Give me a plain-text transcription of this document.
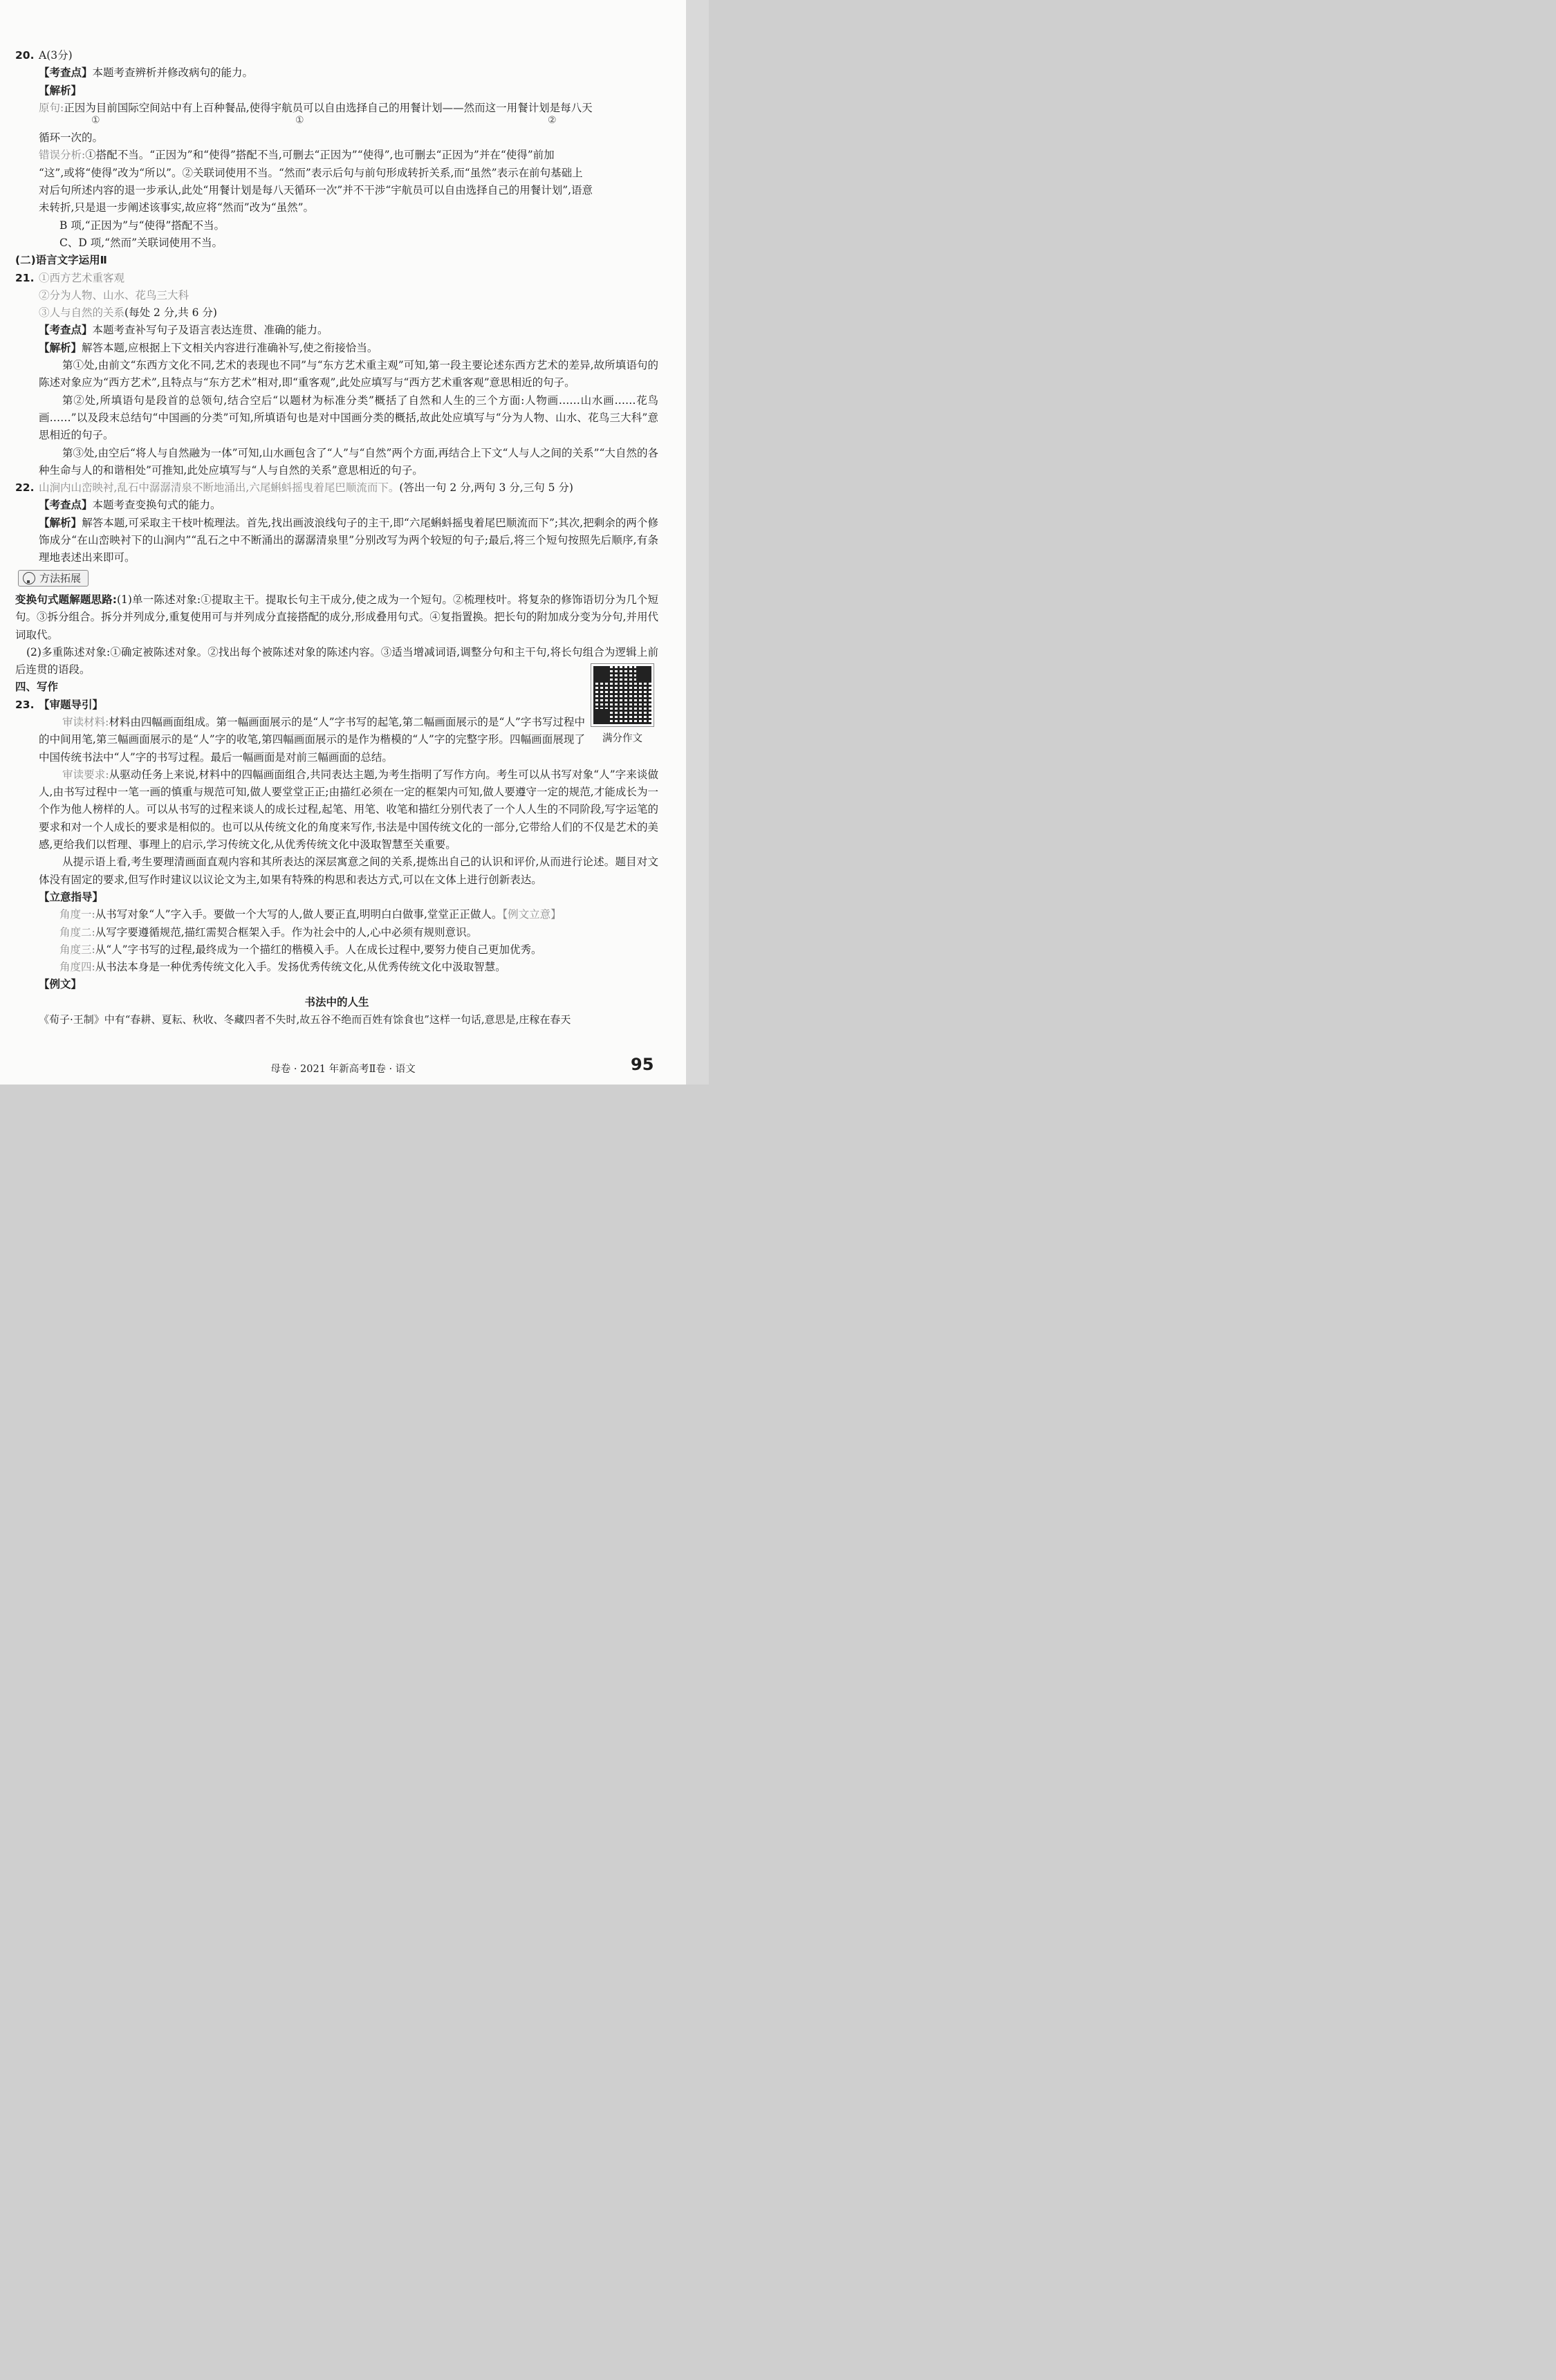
20. A(3分)
【考查点】本题考查辨析并修改病句的能力。
【解析】
原句:正因为目前国际空间站中有上百种餐品,使得宇航员可以自由选择自己的用餐计划——然而这一用餐计划是每八天
①	①	②
循环一次的。
错误分析:①搭配不当。“正因为”和“使得”搭配不当,可删去“正因为”“使得”,也可删去“正因为”并在“使得”前加
“这”,或将“使得”改为“所以”。②关联词使用不当。“然而”表示后句与前句形成转折关系,而“虽然”表示在前句基础上
对后句所述内容的退一步承认,此处“用餐计划是每八天循环一次”并不干涉“宇航员可以自由选择自己的用餐计划”,语意
未转折,只是退一步阐述该事实,故应将“然而”改为“虽然”。
B 项,“正因为”与“使得”搭配不当。
C、D 项,“然而”关联词使用不当。
(二)语言文字运用Ⅱ
21. ①西方艺术重客观
②分为人物、山水、花鸟三大科
③人与自然的关系(每处 2 分,共 6 分)
【考查点】本题考查补写句子及语言表达连贯、准确的能力。
【解析】解答本题,应根据上下文相关内容进行准确补写,使之衔接恰当。
第①处,由前文“东西方文化不同,艺术的表现也不同”与“东方艺术重主观”可知,第一段主要论述东西方艺术的差异,故所填语句的陈述对象应为“西方艺术”,且特点与“东方艺术”相对,即“重客观”,此处应填写与“西方艺术重客观”意思相近的句子。
第②处,所填语句是段首的总领句,结合空后“以题材为标准分类”概括了自然和人生的三个方面:人物画……山水画……花鸟画……”以及段末总结句“中国画的分类”可知,所填语句也是对中国画分类的概括,故此处应填写与“分为人物、山水、花鸟三大科”意思相近的句子。
第③处,由空后“将人与自然融为一体”可知,山水画包含了“人”与“自然”两个方面,再结合上下文“人与人之间的关系”“大自然的各种生命与人的和谐相处”可推知,此处应填写与“人与自然的关系”意思相近的句子。
22. 山涧内山峦映衬,乱石中潺潺清泉不断地涌出,六尾蝌蚪摇曳着尾巴顺流而下。(答出一句 2 分,两句 3 分,三句 5 分)
【考查点】本题考查变换句式的能力。
【解析】解答本题,可采取主干枝叶梳理法。首先,找出画波浪线句子的主干,即“六尾蝌蚪摇曳着尾巴顺流而下”;其次,把剩余的两个修饰成分“在山峦映衬下的山涧内”“乱石之中不断涌出的潺潺清泉里”分别改写为两个较短的句子;最后,将三个短句按照先后顺序,有条理地表述出来即可。
方法拓展
变换句式题解题思路:(1)单一陈述对象:①提取主干。提取长句主干成分,使之成为一个短句。②梳理枝叶。将复杂的修饰语切分为几个短句。③拆分组合。拆分并列成分,重复使用可与并列成分直接搭配的成分,形成叠用句式。④复指置换。把长句的附加成分变为分句,并用代词取代。
(2)多重陈述对象:①确定被陈述对象。②找出每个被陈述对象的陈述内容。③适当增减词语,调整分句和主干句,将长句组合为逻辑上前后连贯的语段。
四、写作
23. 【审题导引】
审读材料:材料由四幅画面组成。第一幅画面展示的是“人”字书写的起笔,第二幅画面展示的是“人”字书写过程中的中间用笔,第三幅画面展示的是“人”字的收笔,第四幅画面展示的是作为楷模的“人”字的完整字形。四幅画面展现了中国传统书法中“人”字的书写过程。最后一幅画面是对前三幅画面的总结。
审读要求:从驱动任务上来说,材料中的四幅画面组合,共同表达主题,为考生指明了写作方向。考生可以从书写对象“人”字来谈做人,由书写过程中一笔一画的慎重与规范可知,做人要堂堂正正;由描红必须在一定的框架内可知,做人要遵守一定的规范,才能成长为一个作为他人榜样的人。可以从书写的过程来谈人的成长过程,起笔、用笔、收笔和描红分别代表了一个人人生的不同阶段,写字运笔的要求和对一个人成长的要求是相似的。也可以从传统文化的角度来写作,书法是中国传统文化的一部分,它带给人们的不仅是艺术的美感,更给我们以哲理、事理上的启示,学习传统文化,从优秀传统文化中汲取智慧至关重要。
从提示语上看,考生要理清画面直观内容和其所表达的深层寓意之间的关系,提炼出自己的认识和评价,从而进行论述。题目对文体没有固定的要求,但写作时建议以议论文为主,如果有特殊的构思和表达方式,可以在文体上进行创新表达。
【立意指导】
角度一:从书写对象“人”字入手。要做一个大写的人,做人要正直,明明白白做事,堂堂正正做人。【例文立意】
角度二:从写字要遵循规范,描红需契合框架入手。作为社会中的人,心中必须有规则意识。
角度三:从“人”字书写的过程,最终成为一个描红的楷模入手。人在成长过程中,要努力使自己更加优秀。
角度四:从书法本身是一种优秀传统文化入手。发扬优秀传统文化,从优秀传统文化中汲取智慧。
【例文】
书法中的人生
《荀子·王制》中有“春耕、夏耘、秋收、冬藏四者不失时,故五谷不绝而百姓有馀食也”这样一句话,意思是,庄稼在春天
满分作文
母卷 · 2021 年新高考Ⅱ卷 · 语文	95
